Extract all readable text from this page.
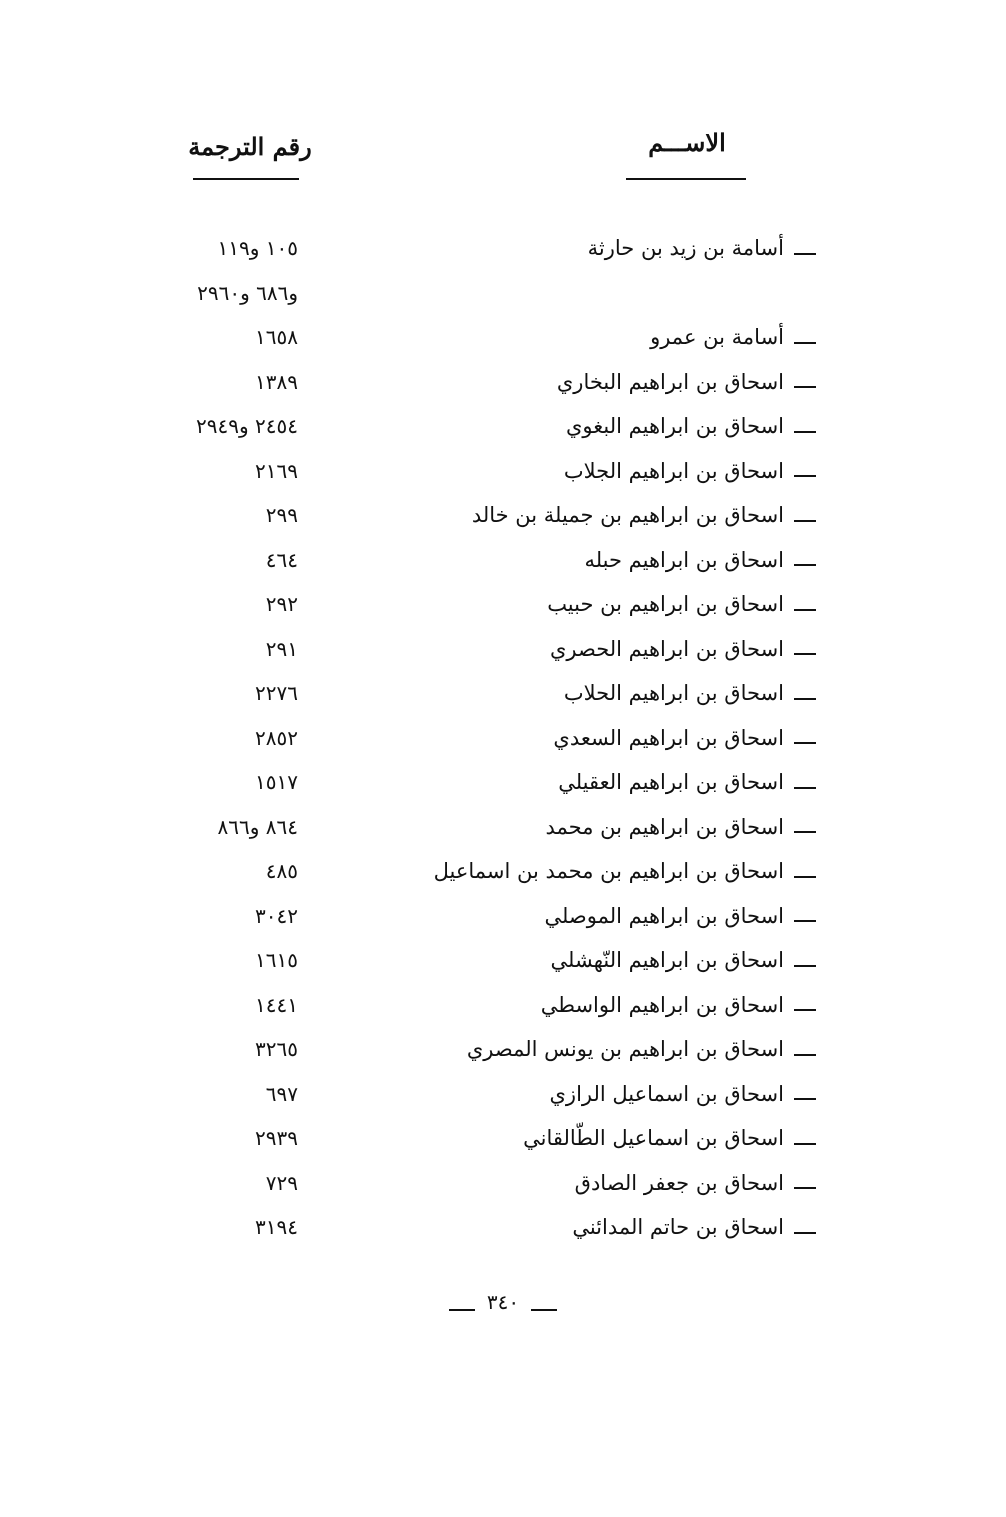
الاســـم
رقم الترجمة
أسامة بن زيد بن حارثة
١٠٥ و١١٩
و٦٨٦ و٢٩٦٠
أسامة بن عمرو
١٦٥٨
اسحاق بن ابراهيم البخاري
١٣٨٩
اسحاق بن ابراهيم البغوي
٢٤٥٤ و٢٩٤٩
اسحاق بن ابراهيم الجلاب
٢١٦٩
اسحاق بن ابراهيم بن جميلة بن خالد
٢٩٩
اسحاق بن ابراهيم حبله
٤٦٤
اسحاق بن ابراهيم بن حبيب
٢٩٢
اسحاق بن ابراهيم الحصري
٢٩١
اسحاق بن ابراهيم الحلاب
٢٢٧٦
اسحاق بن ابراهيم السعدي
٢٨٥٢
اسحاق بن ابراهيم العقيلي
١٥١٧
اسحاق بن ابراهيم بن محمد
٨٦٤ و٨٦٦
اسحاق بن ابراهيم بن محمد بن اسماعيل
٤٨٥
اسحاق بن ابراهيم الموصلي
٣٠٤٢
اسحاق بن ابراهيم النّهشلي
١٦١٥
اسحاق بن ابراهيم الواسطي
١٤٤١
اسحاق بن ابراهيم بن يونس المصري
٣٢٦٥
اسحاق بن اسماعيل الرازي
٦٩٧
اسحاق بن اسماعيل الطّالقاني
٢٩٣٩
اسحاق بن جعفر الصادق
٧٢٩
اسحاق بن حاتم المدائني
٣١٩٤
٣٤٠
